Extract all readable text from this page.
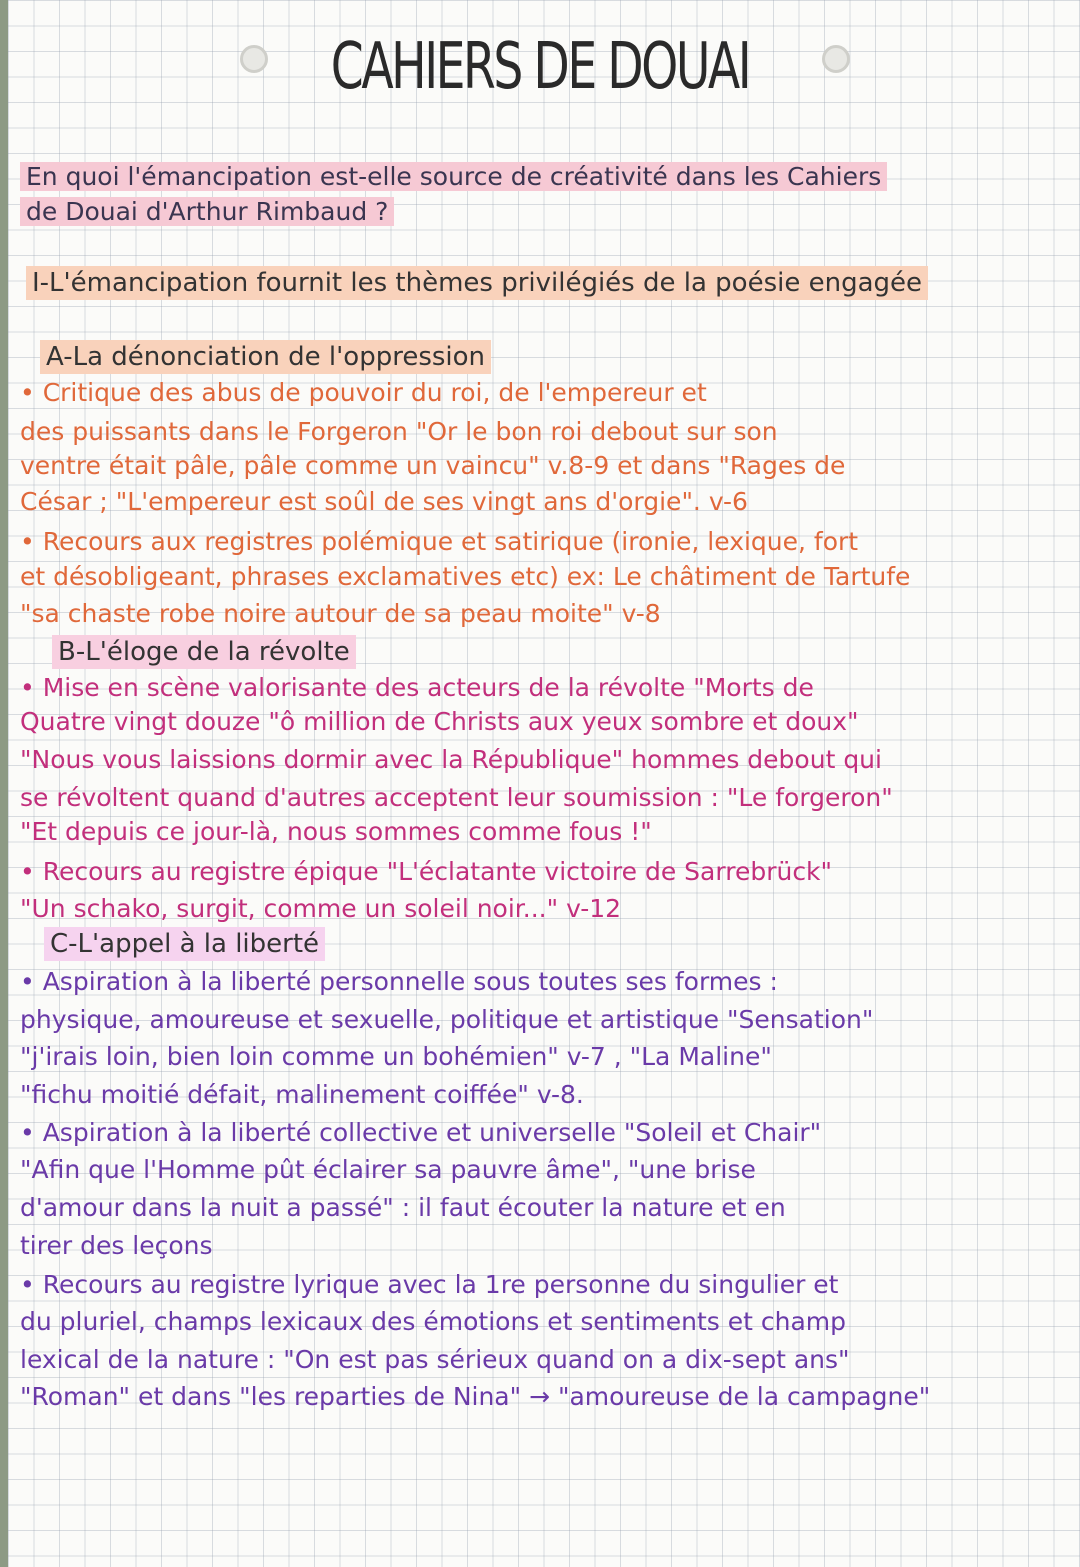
CAHIERS DE DOUAI
En quoi l'émancipation est-elle source de créativité dans les Cahiers
de Douai d'Arthur Rimbaud ?
I-L'émancipation fournit les thèmes privilégiés de la poésie engagée
A-La dénonciation de l'oppression
• Critique des abus de pouvoir du roi, de l'empereur et
des puissants dans le Forgeron "Or le bon roi debout sur son
ventre était pâle, pâle comme un vaincu" v.8-9 et dans "Rages de
César ; "L'empereur est soûl de ses vingt ans d'orgie". v-6
• Recours aux registres polémique et satirique (ironie, lexique, fort
et désobligeant, phrases exclamatives etc) ex: Le châtiment de Tartufe
"sa chaste robe noire autour de sa peau moite" v-8
B-L'éloge de la révolte
• Mise en scène valorisante des acteurs de la révolte "Morts de
Quatre vingt douze "ô million de Christs aux yeux sombre et doux"
"Nous vous laissions dormir avec la République" hommes debout qui
se révoltent quand d'autres acceptent leur soumission : "Le forgeron"
"Et depuis ce jour-là, nous sommes comme fous !"
• Recours au registre épique "L'éclatante victoire de Sarrebrück"
"Un schako, surgit, comme un soleil noir..." v-12
C-L'appel à la liberté
• Aspiration à la liberté personnelle sous toutes ses formes :
physique, amoureuse et sexuelle, politique et artistique "Sensation"
"j'irais loin, bien loin comme un bohémien" v-7 , "La Maline"
"fichu moitié défait, malinement coiffée" v-8.
• Aspiration à la liberté collective et universelle "Soleil et Chair"
"Afin que l'Homme pût éclairer sa pauvre âme", "une brise
d'amour dans la nuit a passé" : il faut écouter la nature et en
tirer des leçons
• Recours au registre lyrique avec la 1re personne du singulier et
du pluriel, champs lexicaux des émotions et sentiments et champ
lexical de la nature : "On est pas sérieux quand on a dix-sept ans"
"Roman" et dans "les reparties de Nina" → "amoureuse de la campagne"
